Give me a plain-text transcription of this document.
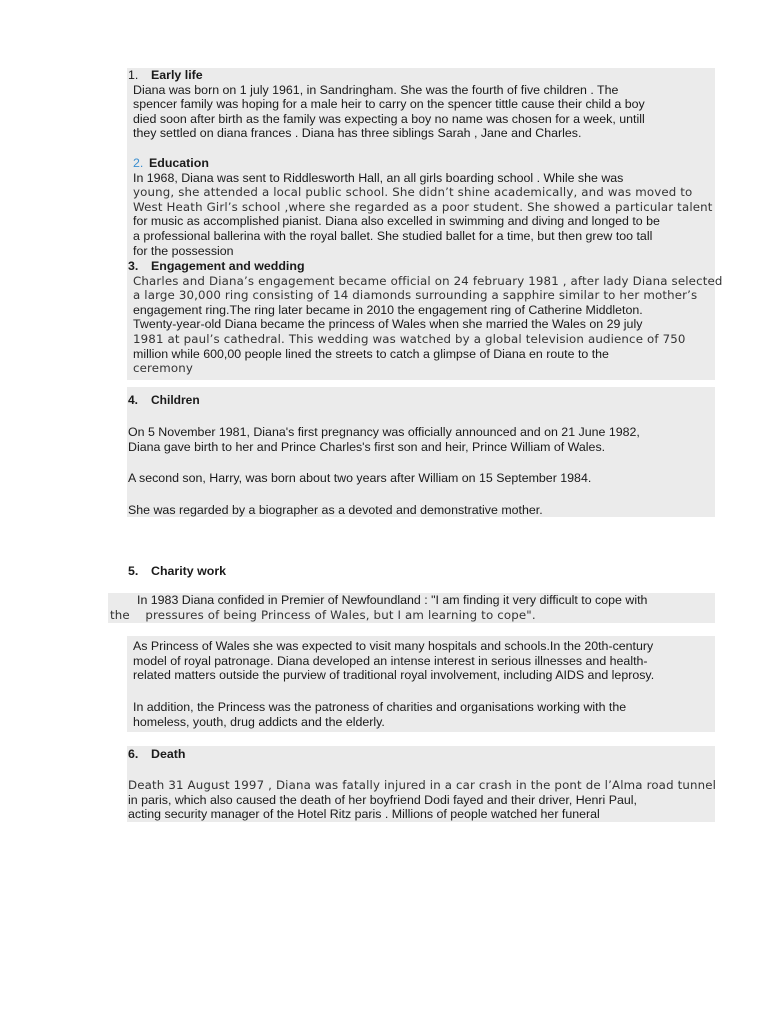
1. Early life

Diana was born on 1 july 1961, in Sandringham. She was the fourth of five children . The

spencer family was hoping for a male heir to carry on the spencer tittle cause their child a boy

died soon after birth as the family was expecting a boy no name was chosen for a week, untill

they settled on diana frances . Diana has three siblings Sarah , Jane and Charles.

2. Education

In 1968, Diana was sent to Riddlesworth Hall, an all girls boarding school . While she was

young, she attended a local public school. She didn’t shine academically, and was moved to

West Heath Girl’s school ,where she regarded as a poor student. She showed a particular talent

for music as accomplished pianist. Diana also excelled in swimming and diving and longed to be

a professional ballerina with the royal ballet. She studied ballet for a time, but then grew too tall

for the possession

3. Engagement and wedding

Charles and Diana’s engagement became official on 24 february 1981 , after lady Diana selected

a large 30,000 ring consisting of 14 diamonds surrounding a sapphire similar to her mother’s

engagement ring.The ring later became in 2010 the engagement ring of Catherine Middleton.

Twenty-year-old Diana became the princess of Wales when she married the Wales on 29 july

1981 at paul’s cathedral. This wedding was watched by a global television audience of 750

million while 600,00 people lined the streets to catch a glimpse of Diana en route to the

ceremony

4. Children

On 5 November 1981, Diana's first pregnancy was officially announced and on 21 June 1982,

Diana gave birth to her and Prince Charles's first son and heir, Prince William of Wales.

A second son, Harry, was born about two years after William on 15 September 1984.

She was regarded by a biographer as a devoted and demonstrative mother.

5. Charity work

In 1983 Diana confided in Premier of Newfoundland : "I am finding it very difficult to cope with

the    pressures of being Princess of Wales, but I am learning to cope".

As Princess of Wales she was expected to visit many hospitals and schools.In the 20th-century

model of royal patronage. Diana developed an intense interest in serious illnesses and health-

related matters outside the purview of traditional royal involvement, including AIDS and leprosy.

In addition, the Princess was the patroness of charities and organisations working with the

homeless, youth, drug addicts and the elderly.

6. Death

Death 31 August 1997 , Diana was fatally injured in a car crash in the pont de l’Alma road tunnel

in paris, which also caused the death of her boyfriend Dodi fayed and their driver, Henri Paul,

acting security manager of the Hotel Ritz paris . Millions of people watched her funeral
